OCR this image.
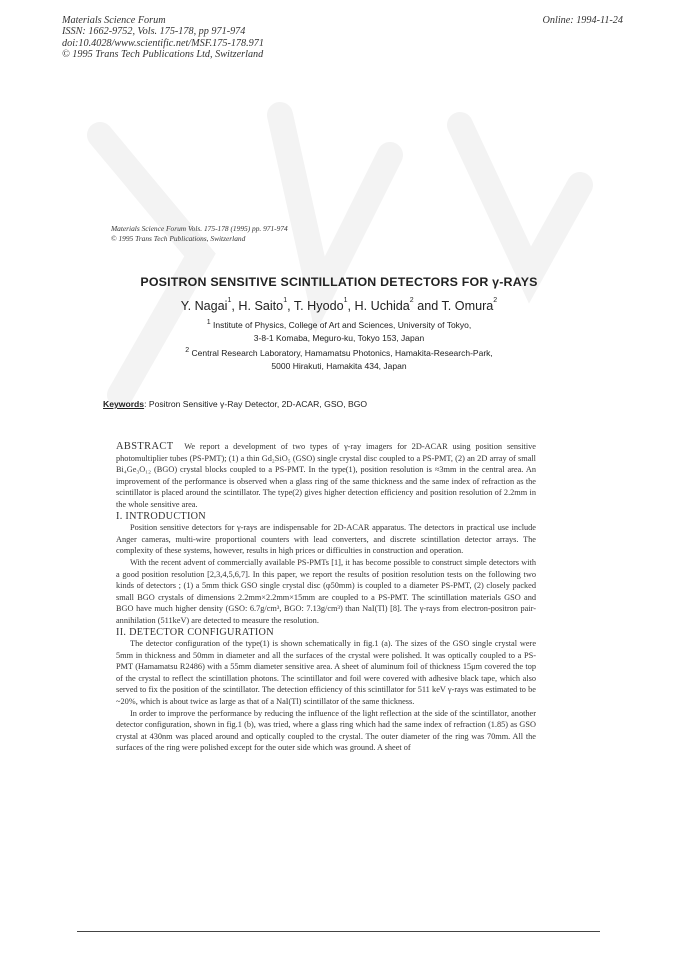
Materials Science Forum
ISSN: 1662-9752, Vols. 175-178, pp 971-974
doi:10.4028/www.scientific.net/MSF.175-178.971
© 1995 Trans Tech Publications Ltd, Switzerland
Online: 1994-11-24
Materials Science Forum Vols. 175-178 (1995) pp. 971-974
© 1995 Trans Tech Publications, Switzerland
POSITRON SENSITIVE SCINTILLATION DETECTORS FOR γ-RAYS
Y. Nagai$^1$, H. Saito$^1$, T. Hyodo$^1$, H. Uchida$^2$ and T. Omura$^2$
$^1$ Institute of Physics, College of Art and Sciences, University of Tokyo,
3-8-1 Komaba, Meguro-ku, Tokyo 153, Japan
$^2$ Central Research Laboratory, Hamamatsu Photonics, Hamakita-Research-Park,
5000 Hirakuti, Hamakita 434, Japan
Keywords: Positron Sensitive γ-Ray Detector, 2D-ACAR, GSO, BGO

ABSTRACT We report a development of two types of γ-ray imagers for 2D-ACAR using position sensitive photomultiplier tubes (PS-PMT); (1) a thin Gd₂SiO₅ (GSO) single crystal disc coupled to a PS-PMT, (2) an 2D array of small Bi₄Ge₃O₁₂ (BGO) crystal blocks coupled to a PS-PMT. In the type(1), position resolution is ≈3mm in the central area. An improvement of the performance is observed when a glass ring of the same thickness and the same index of refraction as the scintillator is placed around the scintillator. The type(2) gives higher detection efficiency and position resolution of 2.2mm in the whole sensitive area.

I. INTRODUCTION

Position sensitive detectors for γ-rays are indispensable for 2D-ACAR apparatus. The detectors in practical use include Anger cameras, multi-wire proportional counters with lead converters, and discrete scintillation detector arrays. The complexity of these systems, however, results in high prices or difficulties in construction and operation.

With the recent advent of commercially available PS-PMTs [1], it has become possible to construct simple detectors with a good position resolution [2,3,4,5,6,7]. In this paper, we report the results of position resolution tests on the following two kinds of detectors ; (1) a 5mm thick GSO single crystal disc (φ50mm) is coupled to a diameter PS-PMT, (2) closely packed small BGO crystals of dimensions 2.2mm×2.2mm×15mm are coupled to a PS-PMT. The scintillation materials GSO and BGO have much higher density (GSO: 6.7g/cm³, BGO: 7.13g/cm³) than NaI(Tl) [8]. The γ-rays from electron-positron pair-annihilation (511keV) are detected to measure the resolution.

II. DETECTOR CONFIGURATION

The detector configuration of the type(1) is shown schematically in fig.1 (a). The sizes of the GSO single crystal were 5mm in thickness and 50mm in diameter and all the surfaces of the crystal were polished. It was optically coupled to a PS-PMT (Hamamatsu R2486) with a 55mm diameter sensitive area. A sheet of aluminum foil of thickness 15μm covered the top of the crystal to reflect the scintillation photons. The scintillator and foil were covered with adhesive black tape, which also served to fix the position of the scintillator. The detection efficiency of this scintillator for 511 keV γ-rays was estimated to be ~20%, which is about twice as large as that of a NaI(Tl) scintillator of the same thickness.

In order to improve the performance by reducing the influence of the light reflection at the side of the scintillator, another detector configuration, shown in fig.1 (b), was tried, where a glass ring which had the same index of refraction (1.85) as GSO crystal at 430nm was placed around and optically coupled to the crystal. The outer diameter of the ring was 70mm. All the surfaces of the ring were polished except for the outer side which was ground. A sheet of
